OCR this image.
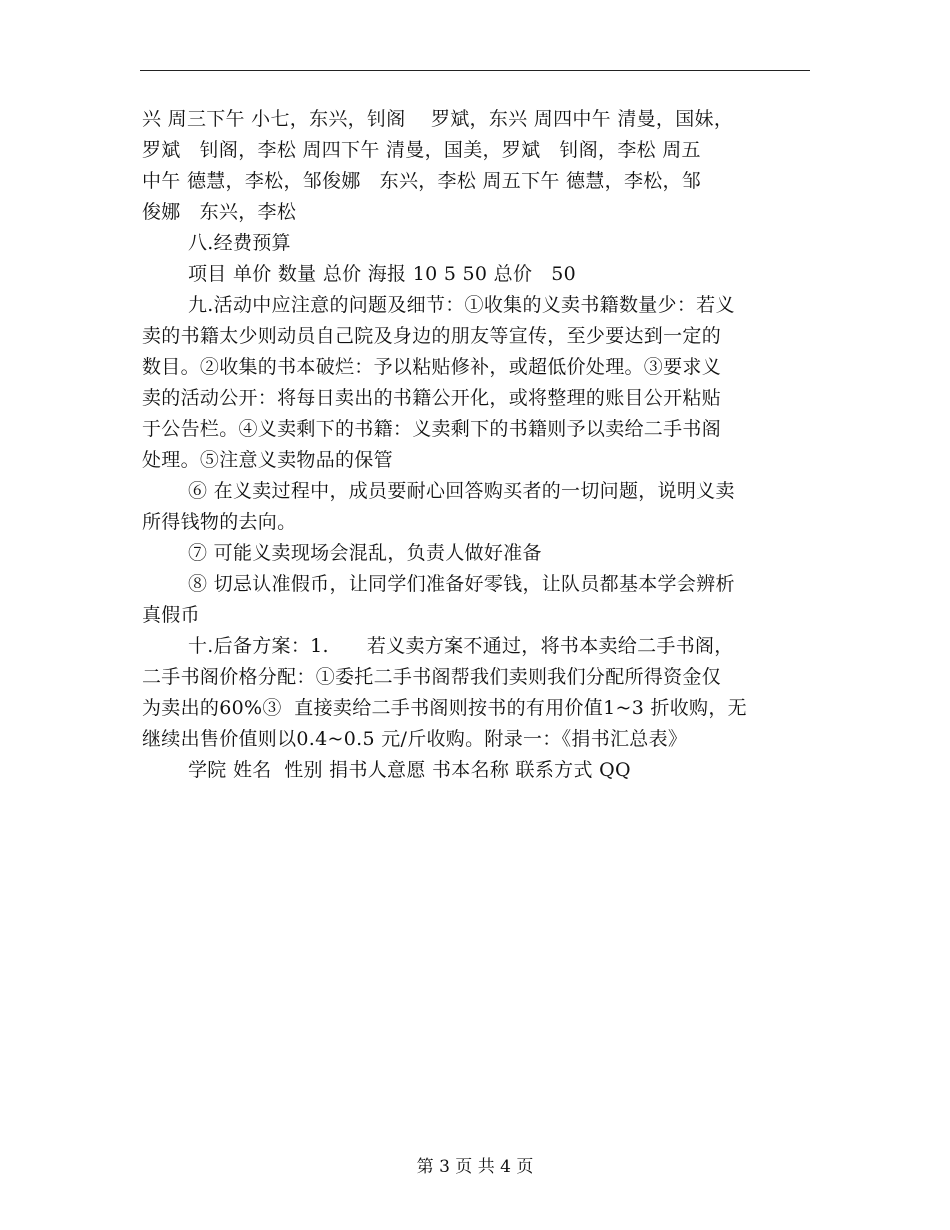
兴 周三下午 小七，东兴，钊阁    罗斌，东兴 周四中午 清曼，国妹，
罗斌   钊阁，李松 周四下午 清曼，国美，罗斌   钊阁，李松 周五
中午 德慧，李松，邹俊娜   东兴，李松 周五下午 德慧，李松，邹
俊娜   东兴，李松
八.经费预算
项目 单价 数量 总价 海报 10 5 50 总价   50
九.活动中应注意的问题及细节：①收集的义卖书籍数量少：若义
卖的书籍太少则动员自己院及身边的朋友等宣传，至少要达到一定的
数目。②收集的书本破烂：予以粘贴修补，或超低价处理。③要求义
卖的活动公开：将每日卖出的书籍公开化，或将整理的账目公开粘贴
于公告栏。④义卖剩下的书籍：义卖剩下的书籍则予以卖给二手书阁
处理。⑤注意义卖物品的保管
⑥ 在义卖过程中，成员要耐心回答购买者的一切问题，说明义卖
所得钱物的去向。
⑦ 可能义卖现场会混乱，负责人做好准备
⑧ 切忌认准假币，让同学们准备好零钱，让队员都基本学会辨析
真假币
十.后备方案：1.      若义卖方案不通过，将书本卖给二手书阁，
二手书阁价格分配：①委托二手书阁帮我们卖则我们分配所得资金仅
为卖出的60%③  直接卖给二手书阁则按书的有用价值1~3 折收购，无
继续出售价值则以0.4~0.5 元/斤收购。附录一：《捐书汇总表》
学院 姓名  性别 捐书人意愿 书本名称 联系方式 QQ
第 3 页 共 4 页
